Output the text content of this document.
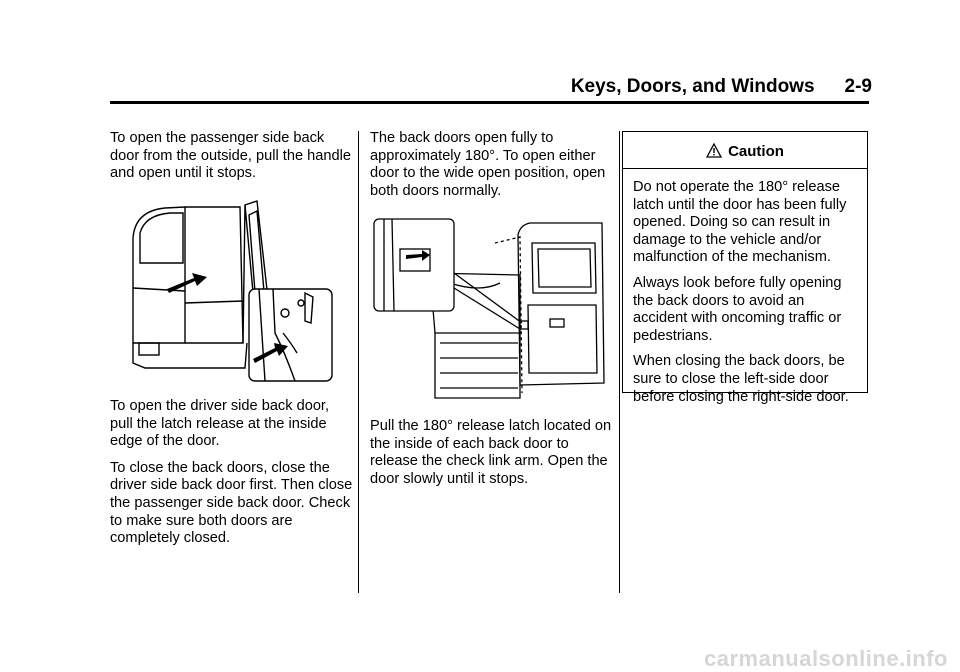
Keys, Doors, and Windows 2-9

To open the passenger side back door from the outside, pull the handle and open until it stops.

To open the driver side back door, pull the latch release at the inside edge of the door.

To close the back doors, close the driver side back door first. Then close the passenger side back door. Check to make sure both doors are completely closed.

The back doors open fully to approximately 180°. To open either door to the wide open position, open both doors normally.

Pull the 180° release latch located on the inside of each back door to release the check link arm. Open the door slowly until it stops.

Caution

Do not operate the 180° release latch until the door has been fully opened. Doing so can result in damage to the vehicle and/or malfunction of the mechanism.

Always look before fully opening the back doors to avoid an accident with oncoming traffic or pedestrians.

When closing the back doors, be sure to close the left-side door before closing the right-side door.

carmanualsonline.info
